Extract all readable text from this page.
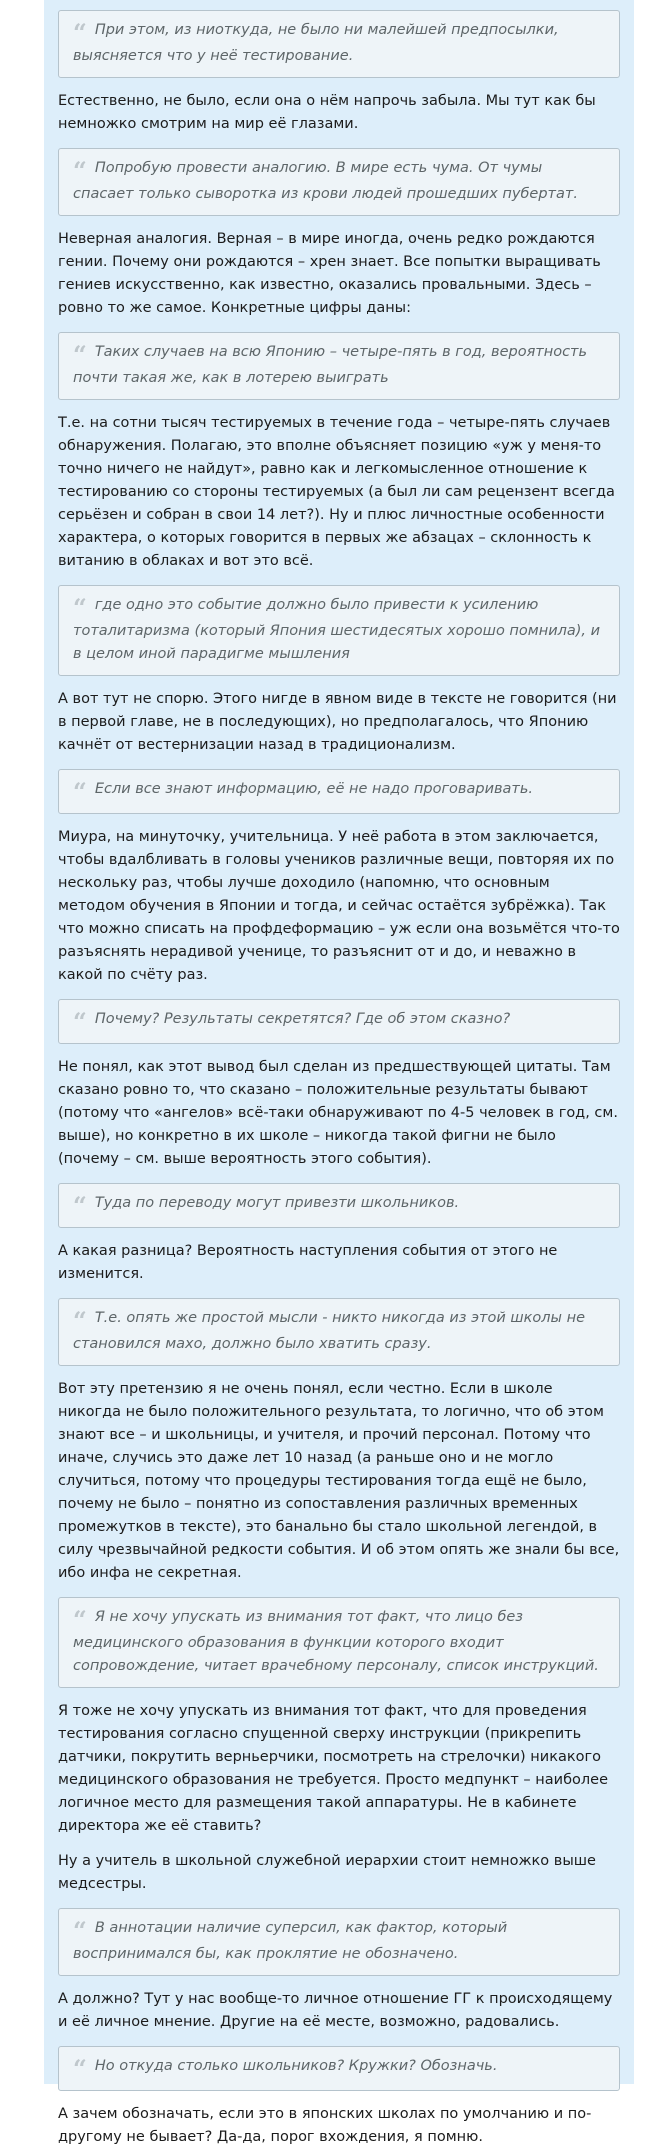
“ При этом, из ниоткуда, не было ни малейшей предпосылки, выясняется что у неё тестирование.

Естественно, не было, если она о нём напрочь забыла. Мы тут как бы немножко смотрим на мир её глазами.

“ Попробую провести аналогию. В мире есть чума. От чумы спасает только сыворотка из крови людей прошедших пубертат.

Неверная аналогия. Верная – в мире иногда, очень редко рождаются гении. Почему они рождаются – хрен знает. Все попытки выращивать гениев искусственно, как известно, оказались провальными. Здесь – ровно то же самое. Конкретные цифры даны:

“ Таких случаев на всю Японию – четыре-пять в год, вероятность почти такая же, как в лотерею выиграть

Т.е. на сотни тысяч тестируемых в течение года – четыре-пять случаев обнаружения. Полагаю, это вполне объясняет позицию «уж у меня-то точно ничего не найдут», равно как и легкомысленное отношение к тестированию со стороны тестируемых (а был ли сам рецензент всегда серьёзен и собран в свои 14 лет?). Ну и плюс личностные особенности характера, о которых говорится в первых же абзацах – склонность к витанию в облаках и вот это всё.

“ где одно это событие должно было привести к усилению тоталитаризма (который Япония шестидесятых хорошо помнила), и в целом иной парадигме мышления

А вот тут не спорю. Этого нигде в явном виде в тексте не говорится (ни в первой главе, не в последующих), но предполагалось, что Японию качнёт от вестернизации назад в традиционализм.

“ Если все знают информацию, её не надо проговаривать.

Миура, на минуточку, учительница. У неё работа в этом заключается, чтобы вдалбливать в головы учеников различные вещи, повторяя их по нескольку раз, чтобы лучше доходило (напомню, что основным методом обучения в Японии и тогда, и сейчас остаётся зубрёжка). Так что можно списать на профдеформацию – уж если она возьмётся что-то разъяснять нерадивой ученице, то разъяснит от и до, и неважно в какой по счёту раз.

“ Почему? Результаты секретятся? Где об этом сказно?

Не понял, как этот вывод был сделан из предшествующей цитаты. Там сказано ровно то, что сказано – положительные результаты бывают (потому что «ангелов» всё-таки обнаруживают по 4-5 человек в год, см. выше), но конкретно в их школе – никогда такой фигни не было (почему – см. выше вероятность этого события).

“ Туда по переводу могут привезти школьников.

А какая разница? Вероятность наступления события от этого не изменится.

“ Т.е. опять же простой мысли - никто никогда из этой школы не становился махо, должно было хватить сразу.

Вот эту претензию я не очень понял, если честно. Если в школе никогда не было положительного результата, то логично, что об этом знают все – и школьницы, и учителя, и прочий персонал. Потому что иначе, случись это даже лет 10 назад (а раньше оно и не могло случиться, потому что процедуры тестирования тогда ещё не было, почему не было – понятно из сопоставления различных временных промежутков в тексте), это банально бы стало школьной легендой, в силу чрезвычайной редкости события. И об этом опять же знали бы все, ибо инфа не секретная.

“ Я не хочу упускать из внимания тот факт, что лицо без медицинского образования в функции которого входит сопровождение, читает врачебному персоналу, список инструкций.

Я тоже не хочу упускать из внимания тот факт, что для проведения тестирования согласно спущенной сверху инструкции (прикрепить датчики, покрутить верньерчики, посмотреть на стрелочки) никакого медицинского образования не требуется. Просто медпункт – наиболее логичное место для размещения такой аппаратуры. Не в кабинете директора же её ставить?

Ну а учитель в школьной служебной иерархии стоит немножко выше медсестры.

“ В аннотации наличие суперсил, как фактор, который воспринимался бы, как проклятие не обозначено.

А должно? Тут у нас вообще-то личное отношение ГГ к происходящему и её личное мнение. Другие на её месте, возможно, радовались.

“ Но откуда столько школьников? Кружки? Обозначь.

А зачем обозначать, если это в японских школах по умолчанию и по-другому не бывает? Да-да, порог вхождения, я помню.
